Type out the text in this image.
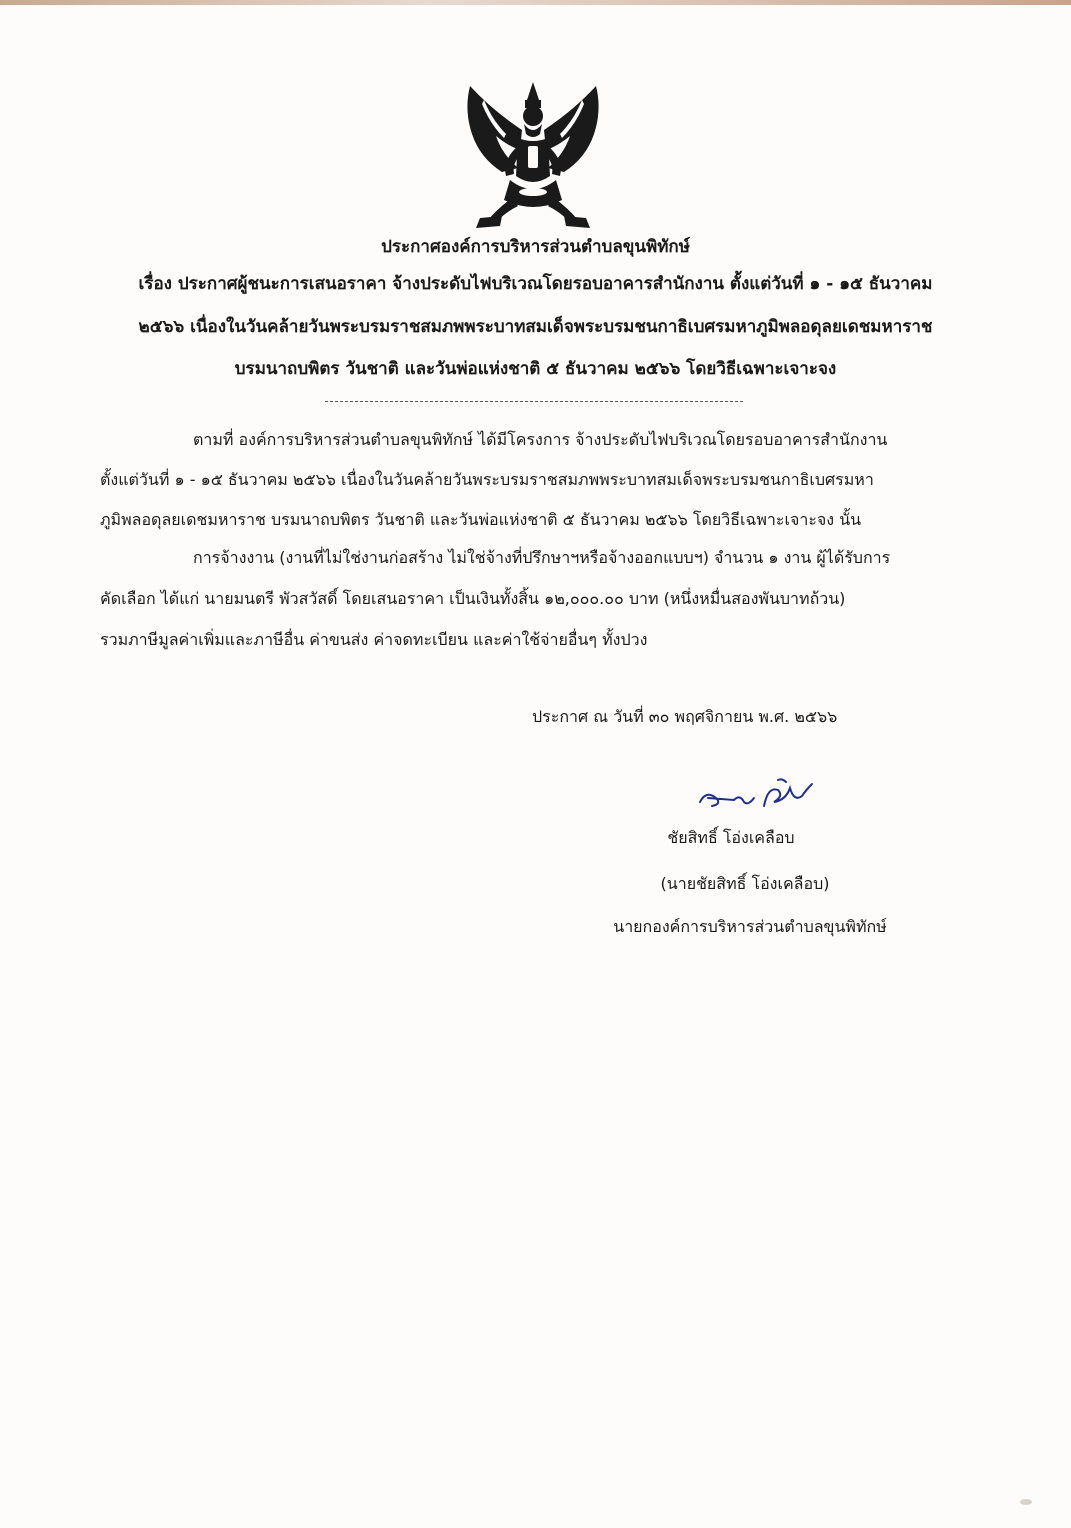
ประกาศองค์การบริหารส่วนตำบลขุนพิทักษ์
เรื่อง ประกาศผู้ชนะการเสนอราคา จ้างประดับไฟบริเวณโดยรอบอาคารสำนักงาน ตั้งแต่วันที่ ๑ - ๑๕ ธันวาคม
๒๕๖๖ เนื่องในวันคล้ายวันพระบรมราชสมภพพระบาทสมเด็จพระบรมชนกาธิเบศรมหาภูมิพลอดุลยเดชมหาราช
บรมนาถบพิตร วันชาติ และวันพ่อแห่งชาติ ๕ ธันวาคม ๒๕๖๖ โดยวิธีเฉพาะเจาะจง
ตามที่ องค์การบริหารส่วนตำบลขุนพิทักษ์ ได้มีโครงการ จ้างประดับไฟบริเวณโดยรอบอาคารสำนักงาน
ตั้งแต่วันที่ ๑ - ๑๕ ธันวาคม ๒๕๖๖ เนื่องในวันคล้ายวันพระบรมราชสมภพพระบาทสมเด็จพระบรมชนกาธิเบศรมหา
ภูมิพลอดุลยเดชมหาราช บรมนาถบพิตร วันชาติ และวันพ่อแห่งชาติ ๕ ธันวาคม ๒๕๖๖ โดยวิธีเฉพาะเจาะจง นั้น
การจ้างงาน (งานที่ไม่ใช่งานก่อสร้าง ไม่ใช่จ้างที่ปรึกษาฯหรือจ้างออกแบบฯ) จำนวน ๑ งาน ผู้ได้รับการ
คัดเลือก ได้แก่ นายมนตรี พัวสวัสดิ์ โดยเสนอราคา เป็นเงินทั้งสิ้น ๑๒,๐๐๐.๐๐ บาท (หนึ่งหมื่นสองพันบาทถ้วน)
รวมภาษีมูลค่าเพิ่มและภาษีอื่น ค่าขนส่ง ค่าจดทะเบียน และค่าใช้จ่ายอื่นๆ ทั้งปวง
ประกาศ ณ วันที่ ๓๐ พฤศจิกายน พ.ศ. ๒๕๖๖
ชัยสิทธิ์ โอ่งเคลือบ
(นายชัยสิทธิ์ โอ่งเคลือบ)
นายกองค์การบริหารส่วนตำบลขุนพิทักษ์
